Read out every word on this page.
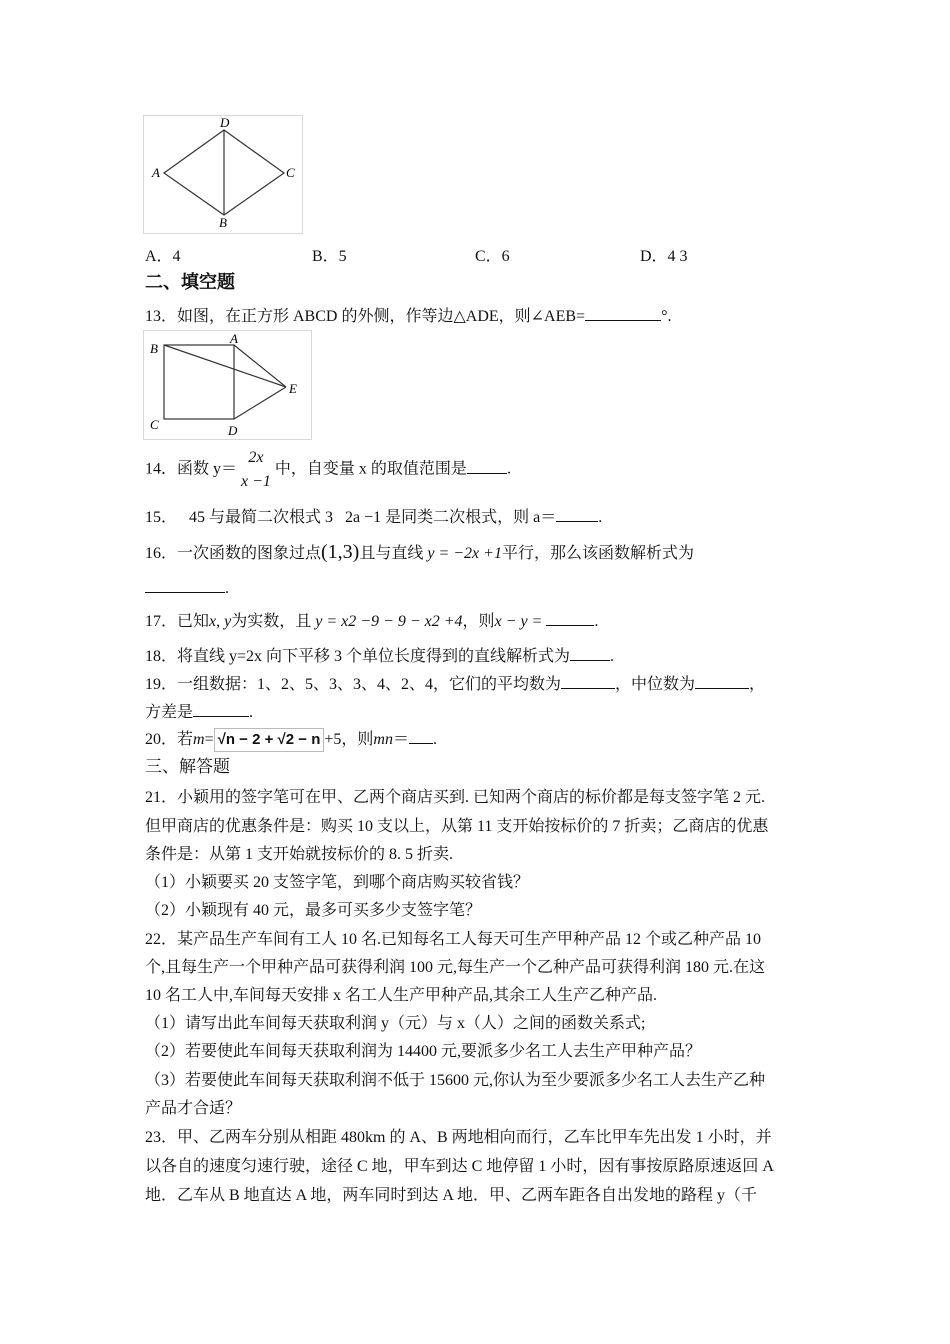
D
A	C
B
A．4	B．5	C．6	D．4 3
二、填空题
13．如图，在正方形 ABCD 的外侧，作等边△ADE，则∠AEB=	°.
B
A
E
C	D
14．函数 y＝
2x
x −1
中，自变量 x 的取值范围是	.
15． 45 与最简二次根式 3 2a −1 是同类二次根式，则 a＝	.
16．一次函数的图象过点(1,3)且与直线 y = −2x +1平行，那么该函数解析式为
.
17．已知x, y为实数，且 y = x2 −9 − 9 − x2 +4，则x − y =	.
18．将直线 y=2x 向下平移 3 个单位长度得到的直线解析式为	.
19．一组数据：1、2、5、3、3、4、2、4，它们的平均数为	，中位数为	，
方差是	.
20．若m= √n − 2 + √2 − n +5，则mn＝ .
三、解答题
21．小颖用的签字笔可在甲、乙两个商店买到. 已知两个商店的标价都是每支签字笔 2 元.
但甲商店的优惠条件是：购买 10 支以上，从第 11 支开始按标价的 7 折卖；乙商店的优惠
条件是：从第 1 支开始就按标价的 8. 5 折卖.
（1）小颖要买 20 支签字笔，到哪个商店购买较省钱？
（2）小颖现有 40 元，最多可买多少支签字笔？
22．某产品生产车间有工人 10 名.已知每名工人每天可生产甲种产品 12 个或乙种产品 10
个,且每生产一个甲种产品可获得利润 100 元,每生产一个乙种产品可获得利润 180 元.在这
10 名工人中,车间每天安排 x 名工人生产甲种产品,其余工人生产乙种产品.
（1）请写出此车间每天获取利润 y（元）与 x（人）之间的函数关系式;
（2）若要使此车间每天获取利润为 14400 元,要派多少名工人去生产甲种产品？
（3）若要使此车间每天获取利润不低于 15600 元,你认为至少要派多少名工人去生产乙种
产品才合适？
23．甲、乙两车分别从相距 480km 的 A、B 两地相向而行，乙车比甲车先出发 1 小时，并
以各自的速度匀速行驶，途径 C 地，甲车到达 C 地停留 1 小时，因有事按原路原速返回 A
地．乙车从 B 地直达 A 地，两车同时到达 A 地．甲、乙两车距各自出发地的路程 y（千
